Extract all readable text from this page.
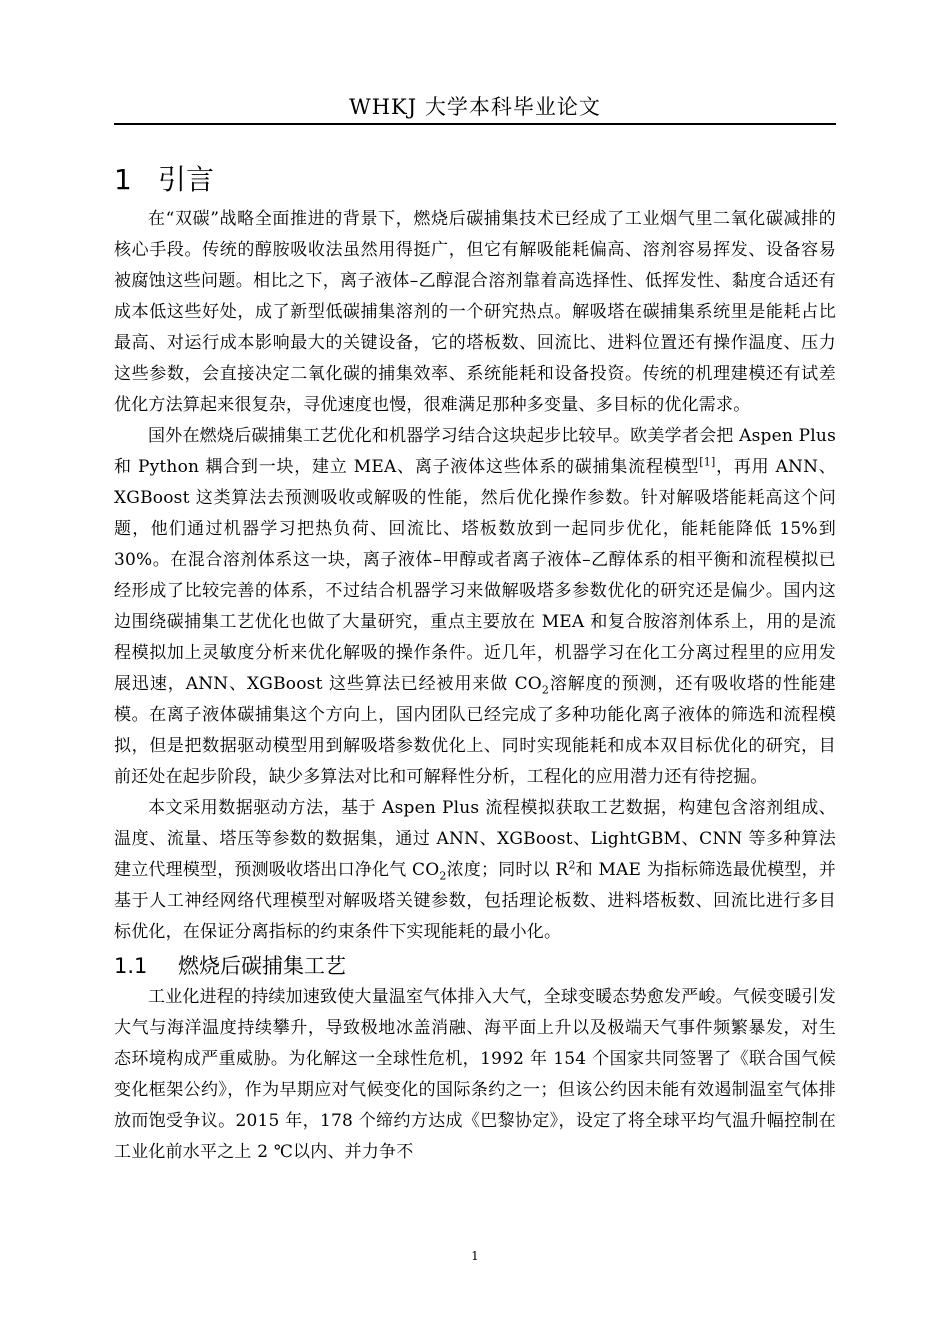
WHKJ 大学本科毕业论文
1 引言

在“双碳”战略全面推进的背景下，燃烧后碳捕集技术已经成了工业烟气里二氧化碳减排的核心手段。传统的醇胺吸收法虽然用得挺广，但它有解吸能耗偏高、溶剂容易挥发、设备容易被腐蚀这些问题。相比之下，离子液体–乙醇混合溶剂靠着高选择性、低挥发性、黏度合适还有成本低这些好处，成了新型低碳捕集溶剂的一个研究热点。解吸塔在碳捕集系统里是能耗占比最高、对运行成本影响最大的关键设备，它的塔板数、回流比、进料位置还有操作温度、压力这些参数，会直接决定二氧化碳的捕集效率、系统能耗和设备投资。传统的机理建模还有试差优化方法算起来很复杂，寻优速度也慢，很难满足那种多变量、多目标的优化需求。

国外在燃烧后碳捕集工艺优化和机器学习结合这块起步比较早。欧美学者会把 Aspen Plus 和 Python 耦合到一块，建立 MEA、离子液体这些体系的碳捕集流程模型[1]，再用 ANN、XGBoost 这类算法去预测吸收或解吸的性能，然后优化操作参数。针对解吸塔能耗高这个问题，他们通过机器学习把热负荷、回流比、塔板数放到一起同步优化，能耗能降低 15%到 30%。在混合溶剂体系这一块，离子液体–甲醇或者离子液体–乙醇体系的相平衡和流程模拟已经形成了比较完善的体系，不过结合机器学习来做解吸塔多参数优化的研究还是偏少。国内这边围绕碳捕集工艺优化也做了大量研究，重点主要放在 MEA 和复合胺溶剂体系上，用的是流程模拟加上灵敏度分析来优化解吸的操作条件。近几年，机器学习在化工分离过程里的应用发展迅速，ANN、XGBoost 这些算法已经被用来做 $CO_2$溶解度的预测，还有吸收塔的性能建模。在离子液体碳捕集这个方向上，国内团队已经完成了多种功能化离子液体的筛选和流程模拟，但是把数据驱动模型用到解吸塔参数优化上、同时实现能耗和成本双目标优化的研究，目前还处在起步阶段，缺少多算法对比和可解释性分析，工程化的应用潜力还有待挖掘。

本文采用数据驱动方法，基于 Aspen Plus 流程模拟获取工艺数据，构建包含溶剂组成、温度、流量、塔压等参数的数据集，通过 ANN、XGBoost、LightGBM、CNN 等多种算法建立代理模型，预测吸收塔出口净化气 $CO_2$浓度；同时以 $R^2$和 MAE 为指标筛选最优模型，并基于人工神经网络代理模型对解吸塔关键参数，包括理论板数、进料塔板数、回流比进行多目标优化，在保证分离指标的约束条件下实现能耗的最小化。

1.1 燃烧后碳捕集工艺

工业化进程的持续加速致使大量温室气体排入大气，全球变暖态势愈发严峻。气候变暖引发大气与海洋温度持续攀升，导致极地冰盖消融、海平面上升以及极端天气事件频繁暴发，对生态环境构成严重威胁。为化解这一全球性危机，1992 年 154 个国家共同签署了《联合国气候变化框架公约》，作为早期应对气候变化的国际条约之一；但该公约因未能有效遏制温室气体排放而饱受争议。2015 年，178 个缔约方达成《巴黎协定》，设定了将全球平均气温升幅控制在工业化前水平之上 2 ℃以内、并力争不

1
